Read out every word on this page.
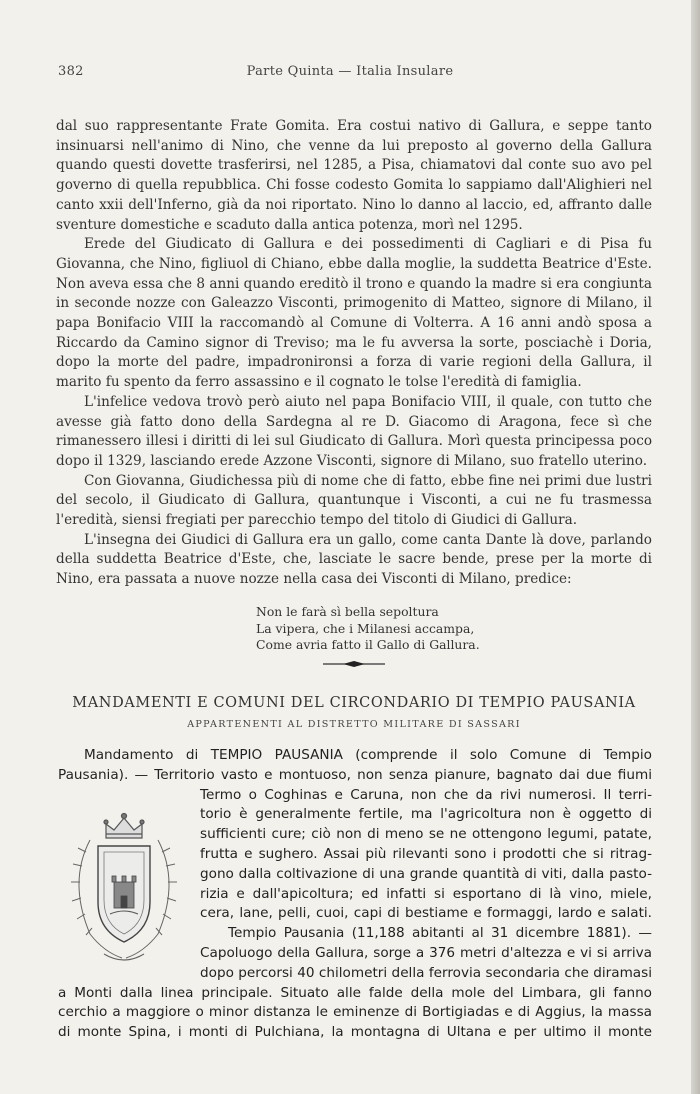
382	Parte Quinta — Italia Insulare

dal suo rappresentante Frate Gomita. Era costui nativo di Gallura, e seppe tanto insinuarsi nell'animo di Nino, che venne da lui preposto al governo della Gallura quando questi dovette trasferirsi, nel 1285, a Pisa, chiamatovi dal conte suo avo pel governo di quella repubblica. Chi fosse codesto Gomita lo sappiamo dall'Alighieri nel canto xxii dell'Inferno, già da noi riportato. Nino lo danno al laccio, ed, affranto dalle sventure domestiche e scaduto dalla antica potenza, morì nel 1295.

Erede del Giudicato di Gallura e dei possedimenti di Cagliari e di Pisa fu Giovanna, che Nino, figliuol di Chiano, ebbe dalla moglie, la suddetta Beatrice d'Este. Non aveva essa che 8 anni quando ereditò il trono e quando la madre si era congiunta in seconde nozze con Galeazzo Visconti, primogenito di Matteo, signore di Milano, il papa Bonifacio VIII la raccomandò al Comune di Volterra. A 16 anni andò sposa a Riccardo da Camino signor di Treviso; ma le fu avversa la sorte, posciachè i Doria, dopo la morte del padre, impadronironsi a forza di varie regioni della Gallura, il marito fu spento da ferro assassino e il cognato le tolse l'eredità di famiglia.

L'infelice vedova trovò però aiuto nel papa Bonifacio VIII, il quale, con tutto che avesse già fatto dono della Sardegna al re D. Giacomo di Aragona, fece sì che rimanessero illesi i diritti di lei sul Giudicato di Gallura. Morì questa principessa poco dopo il 1329, lasciando erede Azzone Visconti, signore di Milano, suo fratello uterino.

Con Giovanna, Giudichessa più di nome che di fatto, ebbe fine nei primi due lustri del secolo, il Giudicato di Gallura, quantunque i Visconti, a cui ne fu trasmessa l'eredità, siensi fregiati per parecchio tempo del titolo di Giudici di Gallura.

L'insegna dei Giudici di Gallura era un gallo, come canta Dante là dove, parlando della suddetta Beatrice d'Este, che, lasciate le sacre bende, prese per la morte di Nino, era passata a nuove nozze nella casa dei Visconti di Milano, predice:

Non le farà sì bella sepoltura
La vipera, che i Milanesi accampa,
Come avria fatto il Gallo di Gallura.
MANDAMENTI E COMUNI DEL CIRCONDARIO DI TEMPIO PAUSANIA
APPARTENENTI AL DISTRETTO MILITARE DI SASSARI
Mandamento di TEMPIO PAUSANIA (comprende il solo Comune di Tempio
Pausania). — Territorio vasto e montuoso, non senza pianure, bagnato dai due fiumi
Termo o Coghinas e Caruna, non che da rivi numerosi. Il terri-
torio è generalmente fertile, ma l'agricoltura non è oggetto di
sufficienti cure; ciò non di meno se ne ottengono legumi, patate,
frutta e sughero. Assai più rilevanti sono i prodotti che si ritrag-
gono dalla coltivazione di una grande quantità di viti, dalla pasto-
rizia e dall'apicoltura; ed infatti si esportano di là vino, miele,
cera, lane, pelli, cuoi, capi di bestiame e formaggi, lardo e salati.
Tempio Pausania (11,188 abitanti al 31 dicembre 1881). —
Capoluogo della Gallura, sorge a 376 metri d'altezza e vi si arriva
dopo percorsi 40 chilometri della ferrovia secondaria che diramasi
a Monti dalla linea principale. Situato alle falde della mole del Limbara, gli fanno
cerchio a maggiore o minor distanza le eminenze di Bortigiadas e di Aggius, la massa
di monte Spina, i monti di Pulchiana, la montagna di Ultana e per ultimo il monte
